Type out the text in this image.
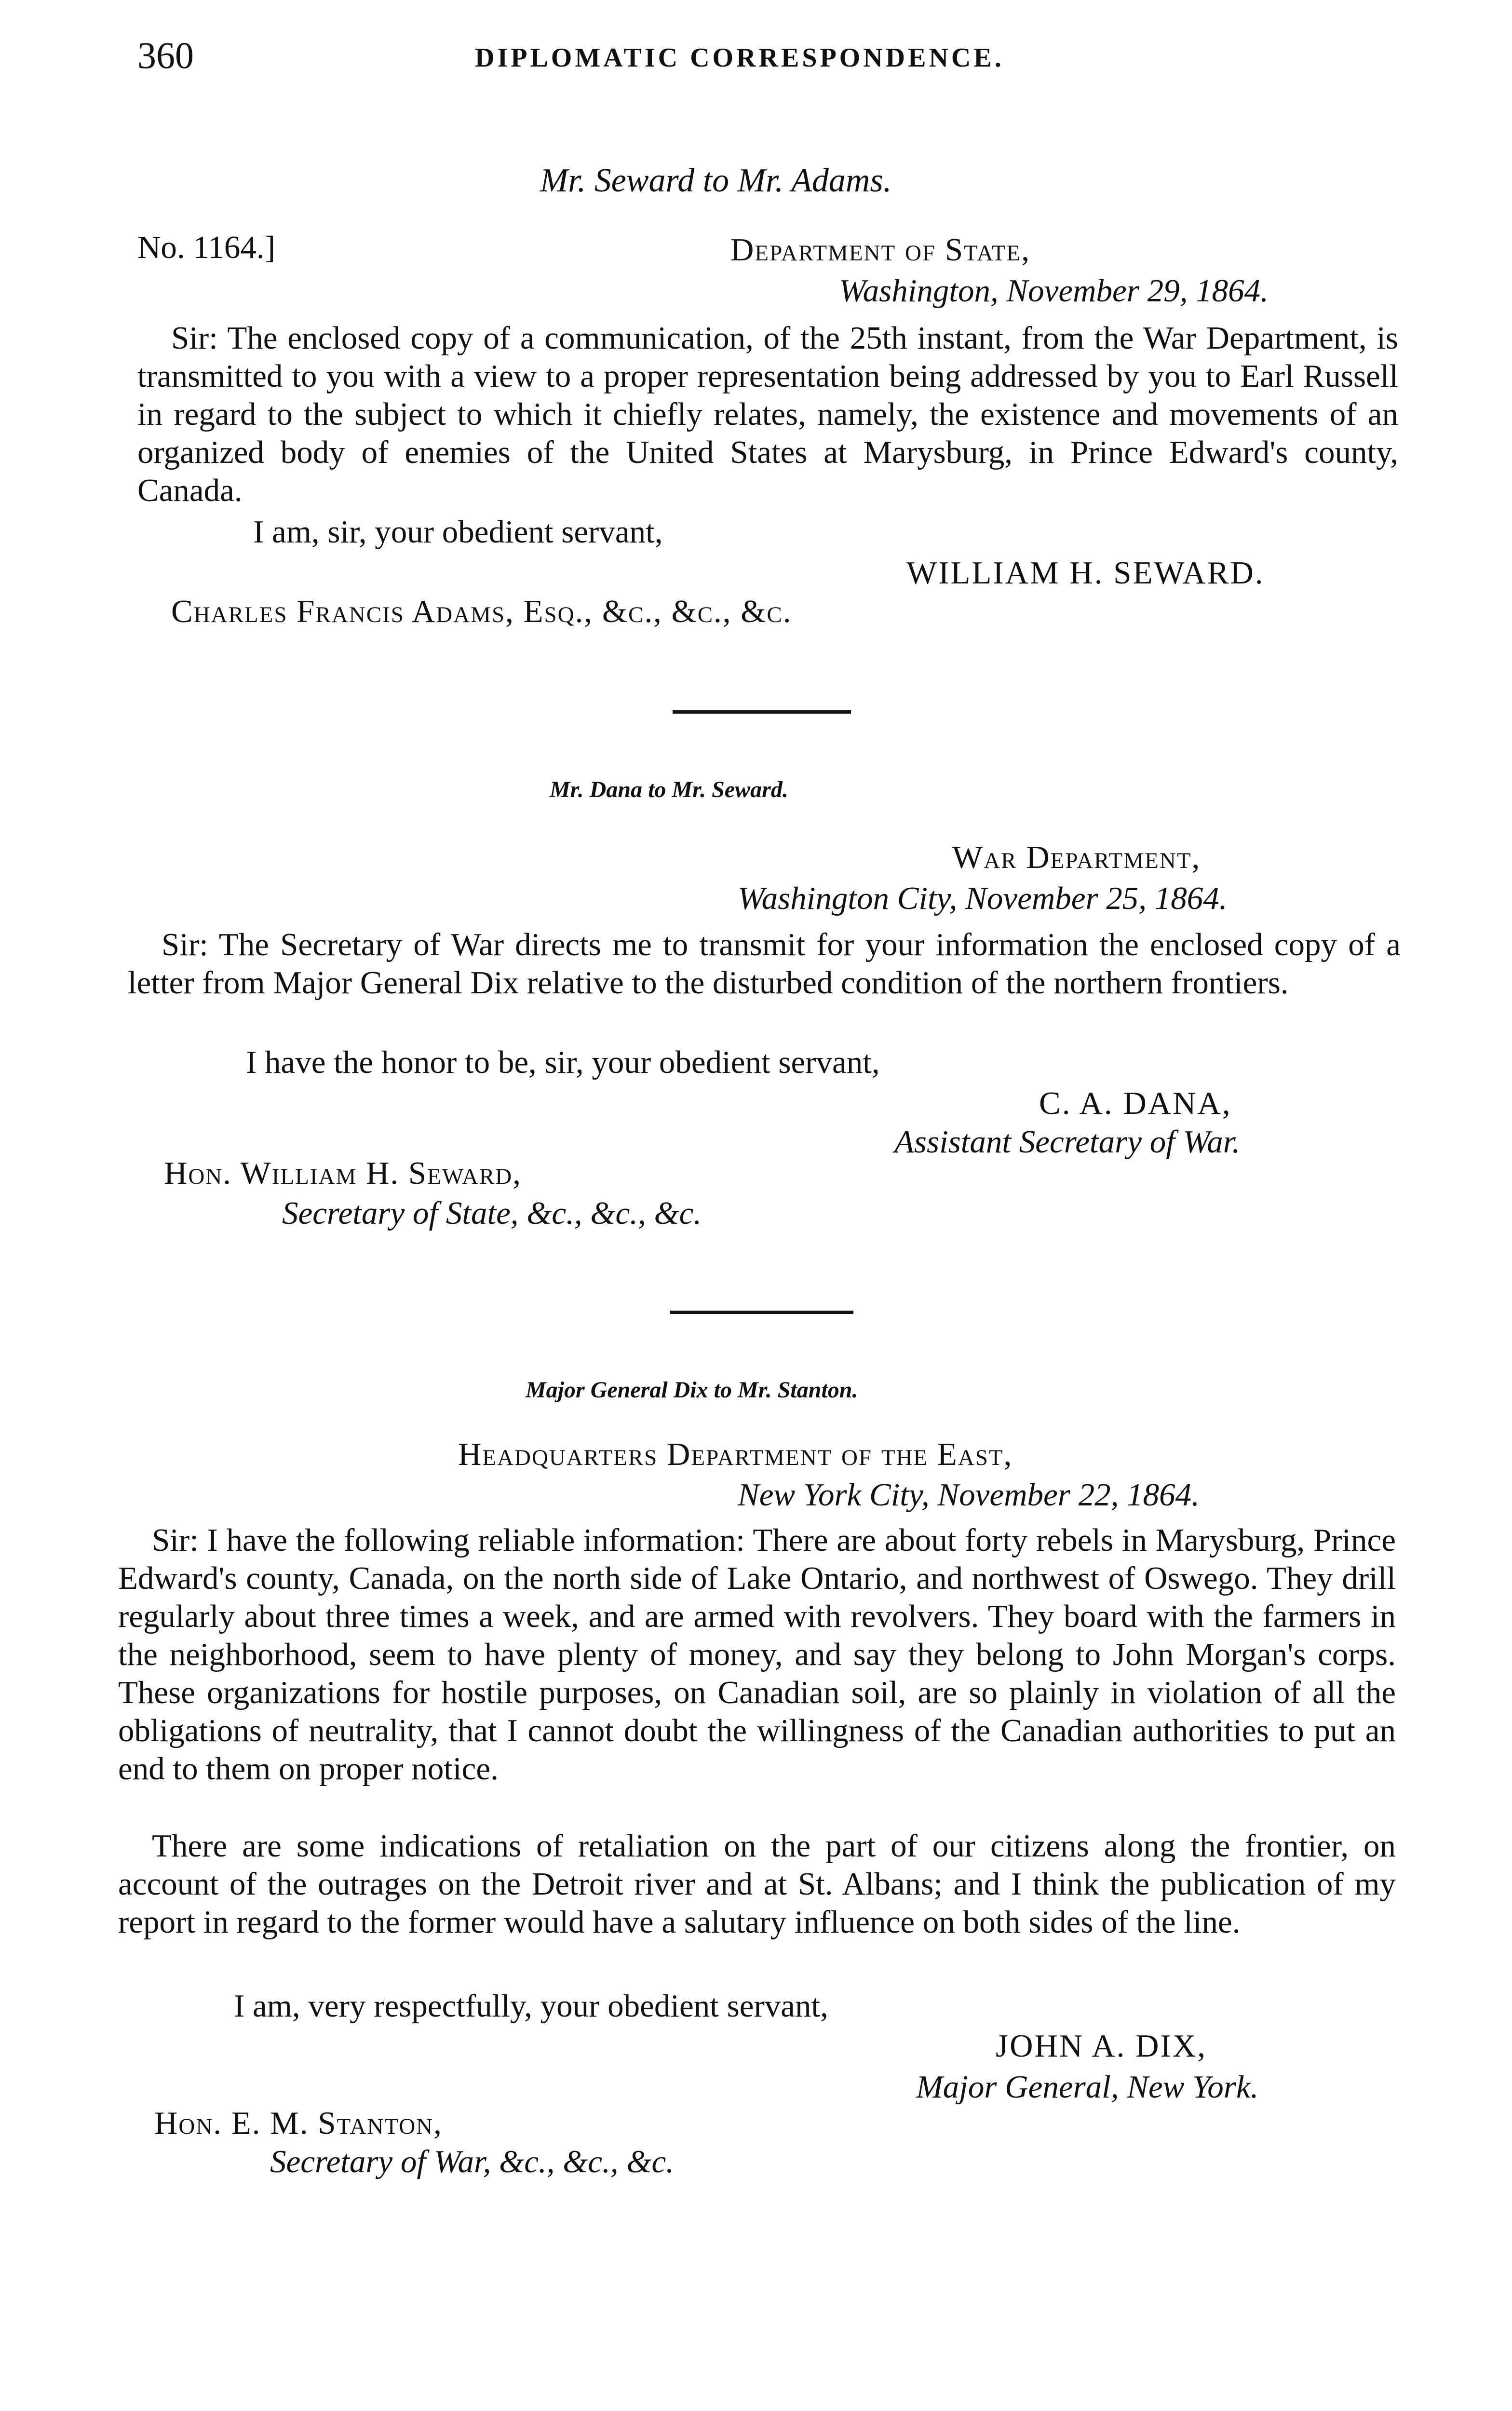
360	DIPLOMATIC CORRESPONDENCE.
Mr. Seward to Mr. Adams.
No. 1164.]	Department of State,
Washington, November 29, 1864.
Sir: The enclosed copy of a communication, of the 25th instant, from the War Department, is transmitted to you with a view to a proper representation being addressed by you to Earl Russell in regard to the subject to which it chiefly relates, namely, the existence and movements of an organized body of enemies of the United States at Marysburg, in Prince Edward's county, Canada.
I am, sir, your obedient servant,
WILLIAM H. SEWARD.
Charles Francis Adams, Esq., &c., &c., &c.
Mr. Dana to Mr. Seward.
War Department,
Washington City, November 25, 1864.
Sir: The Secretary of War directs me to transmit for your information the enclosed copy of a letter from Major General Dix relative to the disturbed condition of the northern frontiers.
I have the honor to be, sir, your obedient servant,
C. A. DANA,
Assistant Secretary of War.
Hon. William H. Seward,
Secretary of State, &c., &c., &c.
Major General Dix to Mr. Stanton.
Headquarters Department of the East,
New York City, November 22, 1864.
Sir: I have the following reliable information: There are about forty rebels in Marysburg, Prince Edward's county, Canada, on the north side of Lake Ontario, and northwest of Oswego. They drill regularly about three times a week, and are armed with revolvers. They board with the farmers in the neighborhood, seem to have plenty of money, and say they belong to John Morgan's corps. These organizations for hostile purposes, on Canadian soil, are so plainly in violation of all the obligations of neutrality, that I cannot doubt the willingness of the Canadian authorities to put an end to them on proper notice.
There are some indications of retaliation on the part of our citizens along the frontier, on account of the outrages on the Detroit river and at St. Albans; and I think the publication of my report in regard to the former would have a salutary influence on both sides of the line.
I am, very respectfully, your obedient servant,
JOHN A. DIX,
Major General, New York.
Hon. E. M. Stanton,
Secretary of War, &c., &c., &c.
